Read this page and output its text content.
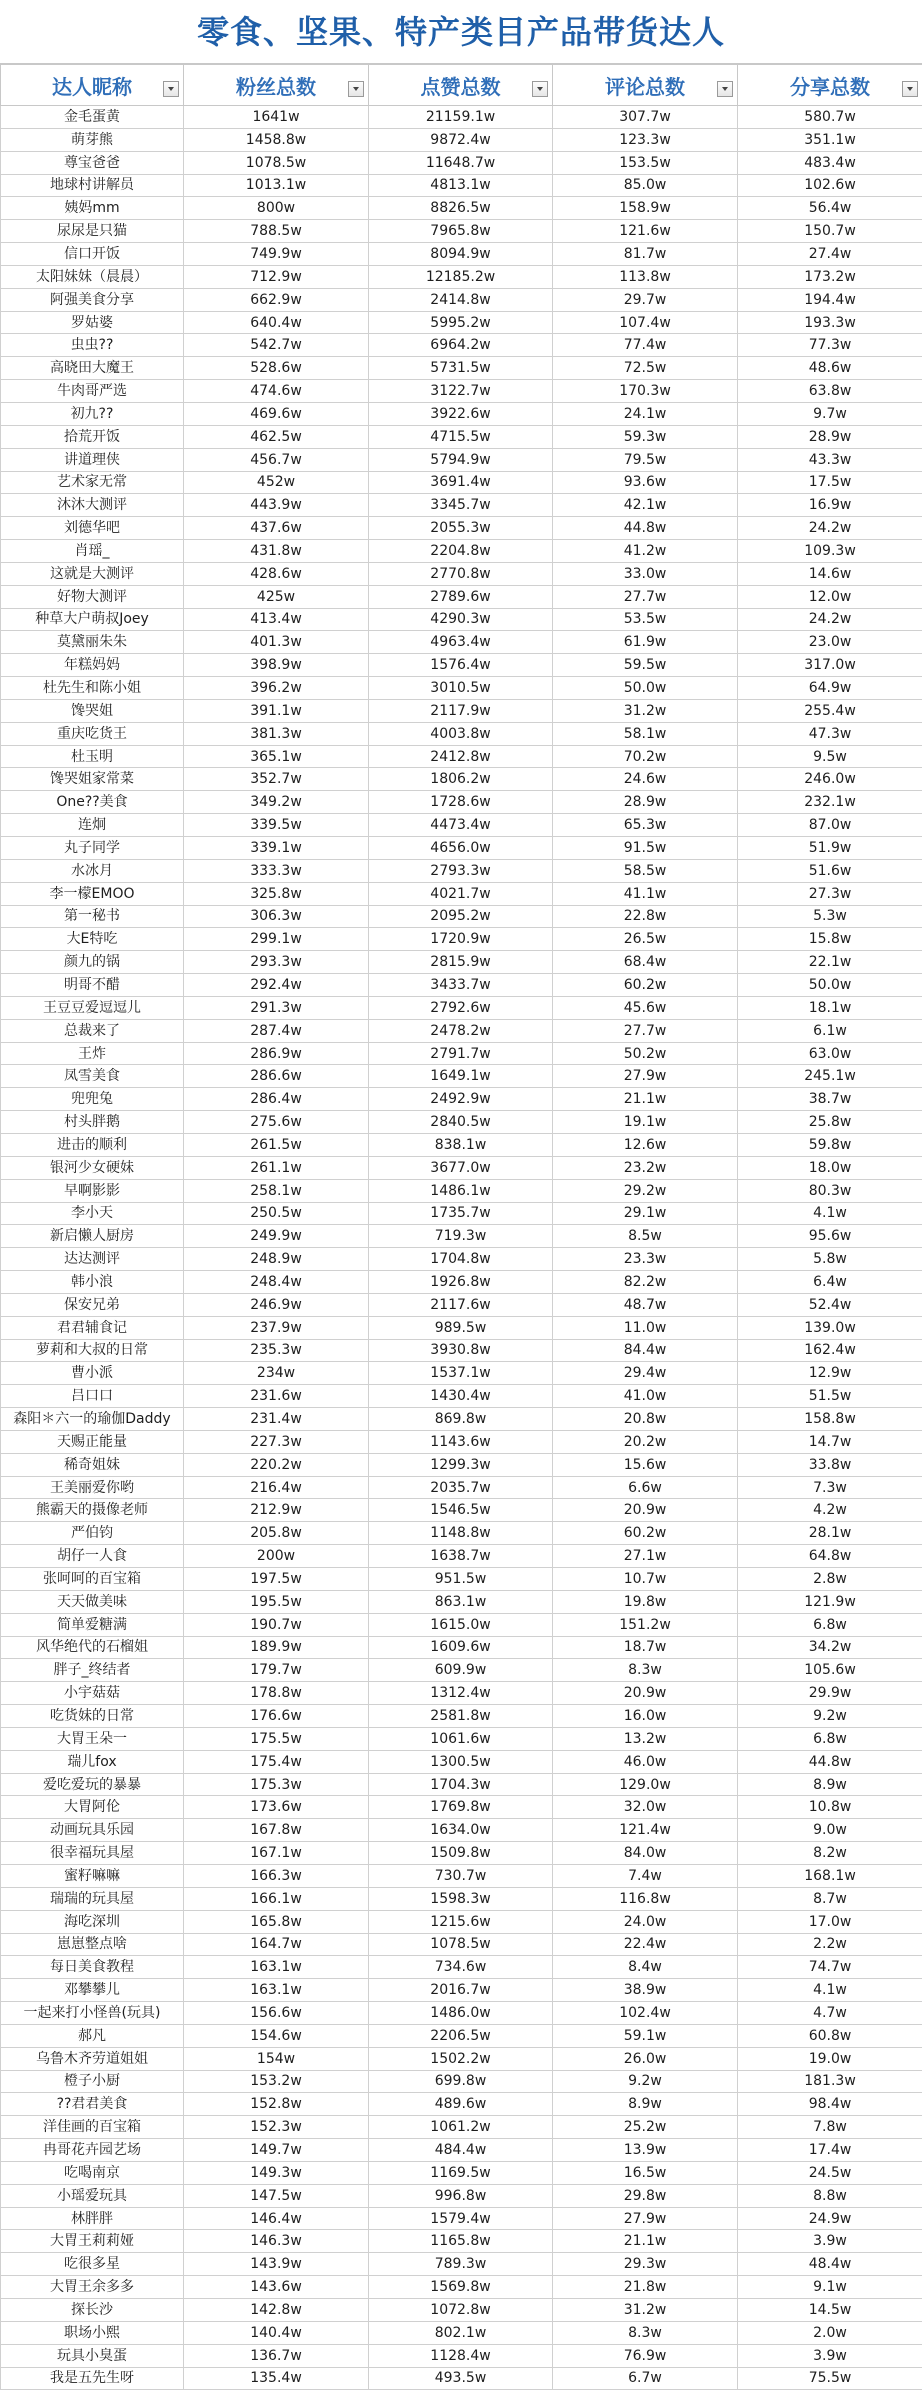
零食、坚果、特产类目产品带货达人
达人昵称	粉丝总数	点赞总数	评论总数	分享总数

金毛蛋黄	1641w	21159.1w	307.7w	580.7w
萌芽熊	1458.8w	9872.4w	123.3w	351.1w
尊宝爸爸	1078.5w	11648.7w	153.5w	483.4w
地球村讲解员	1013.1w	4813.1w	85.0w	102.6w
姨妈mm	800w	8826.5w	158.9w	56.4w
尿尿是只猫	788.5w	7965.8w	121.6w	150.7w
信口开饭	749.9w	8094.9w	81.7w	27.4w
太阳妹妹（晨晨）	712.9w	12185.2w	113.8w	173.2w
阿强美食分享	662.9w	2414.8w	29.7w	194.4w
罗姑婆	640.4w	5995.2w	107.4w	193.3w
虫虫??	542.7w	6964.2w	77.4w	77.3w
高晓田大魔王	528.6w	5731.5w	72.5w	48.6w
牛肉哥严选	474.6w	3122.7w	170.3w	63.8w
初九??	469.6w	3922.6w	24.1w	9.7w
拾荒开饭	462.5w	4715.5w	59.3w	28.9w
讲道理侠	456.7w	5794.9w	79.5w	43.3w
艺术家无常	452w	3691.4w	93.6w	17.5w
沐沐大测评	443.9w	3345.7w	42.1w	16.9w
刘德华吧	437.6w	2055.3w	44.8w	24.2w
肖瑶_	431.8w	2204.8w	41.2w	109.3w
这就是大测评	428.6w	2770.8w	33.0w	14.6w
好物大测评	425w	2789.6w	27.7w	12.0w
种草大户萌叔Joey	413.4w	4290.3w	53.5w	24.2w
莫黛丽朱朱	401.3w	4963.4w	61.9w	23.0w
年糕妈妈	398.9w	1576.4w	59.5w	317.0w
杜先生和陈小姐	396.2w	3010.5w	50.0w	64.9w
馋哭姐	391.1w	2117.9w	31.2w	255.4w
重庆吃货王	381.3w	4003.8w	58.1w	47.3w
杜玉明	365.1w	2412.8w	70.2w	9.5w
馋哭姐家常菜	352.7w	1806.2w	24.6w	246.0w
One??美食	349.2w	1728.6w	28.9w	232.1w
连炯	339.5w	4473.4w	65.3w	87.0w
丸子同学	339.1w	4656.0w	91.5w	51.9w
水冰月	333.3w	2793.3w	58.5w	51.6w
李一檬EMOO	325.8w	4021.7w	41.1w	27.3w
第一秘书	306.3w	2095.2w	22.8w	5.3w
大E特吃	299.1w	1720.9w	26.5w	15.8w
颜九的锅	293.3w	2815.9w	68.4w	22.1w
明哥不醋	292.4w	3433.7w	60.2w	50.0w
王豆豆爱逗逗儿	291.3w	2792.6w	45.6w	18.1w
总裁来了	287.4w	2478.2w	27.7w	6.1w
王炸	286.9w	2791.7w	50.2w	63.0w
凤雪美食	286.6w	1649.1w	27.9w	245.1w
兜兜兔	286.4w	2492.9w	21.1w	38.7w
村头胖鹅	275.6w	2840.5w	19.1w	25.8w
进击的顺利	261.5w	838.1w	12.6w	59.8w
银河少女硬妹	261.1w	3677.0w	23.2w	18.0w
早啊影影	258.1w	1486.1w	29.2w	80.3w
李小天	250.5w	1735.7w	29.1w	4.1w
新启懒人厨房	249.9w	719.3w	8.5w	95.6w
达达测评	248.9w	1704.8w	23.3w	5.8w
韩小浪	248.4w	1926.8w	82.2w	6.4w
保安兄弟	246.9w	2117.6w	48.7w	52.4w
君君辅食记	237.9w	989.5w	11.0w	139.0w
萝莉和大叔的日常	235.3w	3930.8w	84.4w	162.4w
曹小派	234w	1537.1w	29.4w	12.9w
吕口口	231.6w	1430.4w	41.0w	51.5w
森阳＊六一的瑜伽Daddy	231.4w	869.8w	20.8w	158.8w
天赐正能量	227.3w	1143.6w	20.2w	14.7w
稀奇姐妹	220.2w	1299.3w	15.6w	33.8w
王美丽爱你哟	216.4w	2035.7w	6.6w	7.3w
熊霸天的摄像老师	212.9w	1546.5w	20.9w	4.2w
严伯钧	205.8w	1148.8w	60.2w	28.1w
胡仔一人食	200w	1638.7w	27.1w	64.8w
张呵呵的百宝箱	197.5w	951.5w	10.7w	2.8w
天天做美味	195.5w	863.1w	19.8w	121.9w
简单爱糖满	190.7w	1615.0w	151.2w	6.8w
风华绝代的石榴姐	189.9w	1609.6w	18.7w	34.2w
胖子_终结者	179.7w	609.9w	8.3w	105.6w
小宇菇菇	178.8w	1312.4w	20.9w	29.9w
吃货妹的日常	176.6w	2581.8w	16.0w	9.2w
大胃王朵一	175.5w	1061.6w	13.2w	6.8w
瑞儿fox	175.4w	1300.5w	46.0w	44.8w
爱吃爱玩的暴暴	175.3w	1704.3w	129.0w	8.9w
大胃阿伦	173.6w	1769.8w	32.0w	10.8w
动画玩具乐园	167.8w	1634.0w	121.4w	9.0w
很幸福玩具屋	167.1w	1509.8w	84.0w	8.2w
蜜籽嘛嘛	166.3w	730.7w	7.4w	168.1w
瑞瑞的玩具屋	166.1w	1598.3w	116.8w	8.7w
海吃深圳	165.8w	1215.6w	24.0w	17.0w
崽崽整点啥	164.7w	1078.5w	22.4w	2.2w
每日美食教程	163.1w	734.6w	8.4w	74.7w
邓攀攀儿	163.1w	2016.7w	38.9w	4.1w
一起来打小怪兽(玩具)	156.6w	1486.0w	102.4w	4.7w
郝凡	154.6w	2206.5w	59.1w	60.8w
乌鲁木齐劳道姐姐	154w	1502.2w	26.0w	19.0w
橙子小厨	153.2w	699.8w	9.2w	181.3w
??君君美食	152.8w	489.6w	8.9w	98.4w
洋佳画的百宝箱	152.3w	1061.2w	25.2w	7.8w
冉哥花卉园艺场	149.7w	484.4w	13.9w	17.4w
吃喝南京	149.3w	1169.5w	16.5w	24.5w
小瑶爱玩具	147.5w	996.8w	29.8w	8.8w
林胖胖	146.4w	1579.4w	27.9w	24.9w
大胃王莉莉娅	146.3w	1165.8w	21.1w	3.9w
吃很多星	143.9w	789.3w	29.3w	48.4w
大胃王余多多	143.6w	1569.8w	21.8w	9.1w
探长沙	142.8w	1072.8w	31.2w	14.5w
职场小熙	140.4w	802.1w	8.3w	2.0w
玩具小臭蛋	136.7w	1128.4w	76.9w	3.9w
我是五先生呀	135.4w	493.5w	6.7w	75.5w
